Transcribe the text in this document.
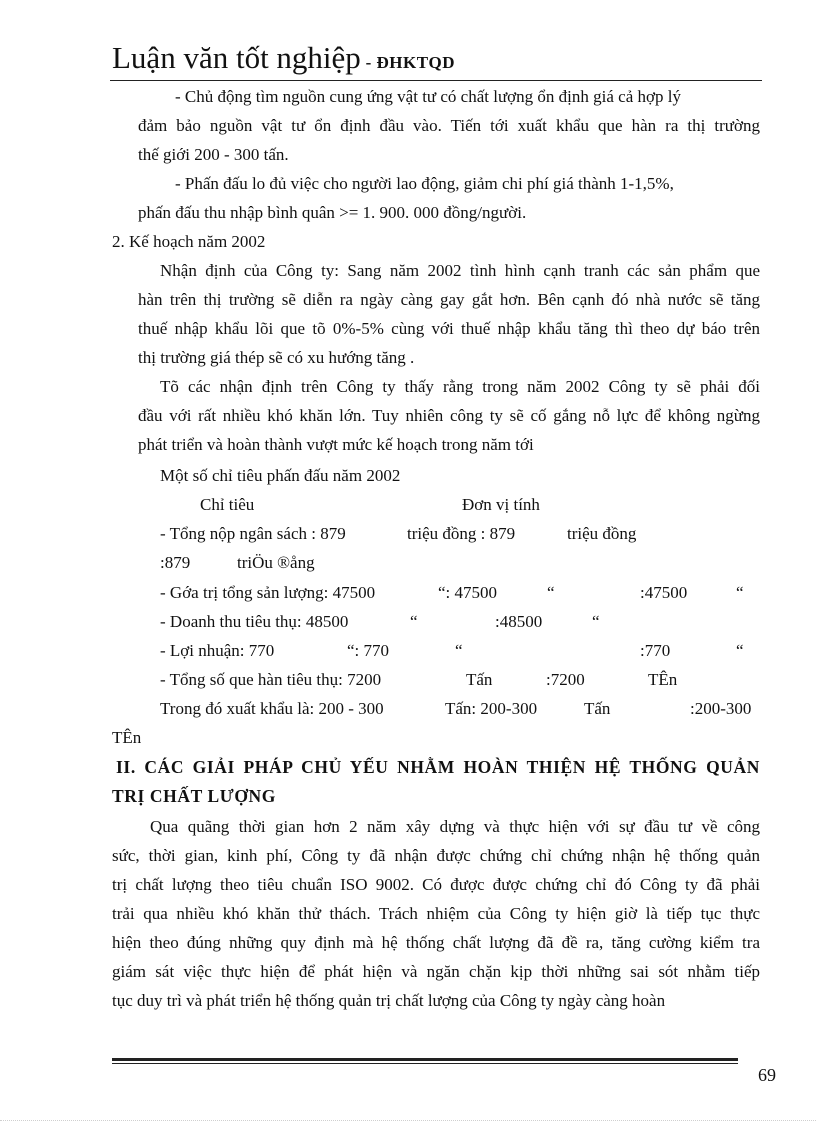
Luận văn tốt nghiệp - ĐHKTQD
- Chủ động tìm nguồn cung ứng vật tư có chất lượng ổn định giá cả hợp lý
đảm bảo nguồn vật tư ổn định đầu vào. Tiến tới xuất khẩu que hàn ra thị trường
thế giới 200 - 300 tấn.
- Phấn đấu lo đủ việc cho người lao động, giảm chi phí giá thành 1-1,5%,
phấn đấu thu nhập bình quân >= 1. 900. 000 đồng/người.
2. Kế hoạch năm 2002
Nhận định của Công ty: Sang năm 2002 tình hình cạnh tranh các sản phẩm que
hàn trên thị trường sẽ diễn ra ngày càng gay gắt hơn. Bên cạnh đó nhà nước sẽ tăng
thuế nhập khẩu lõi que tõ 0%-5% cùng với thuế nhập khẩu tăng thì theo dự báo trên
thị trường giá thép sẽ có xu hướng tăng .
Tõ các nhận định trên Công ty thấy rằng trong năm 2002 Công ty sẽ phải đối
đầu với rất nhiều khó khăn lớn. Tuy nhiên công ty sẽ cố gắng nỗ lực để không ngừng
phát triển và hoàn thành vượt mức kế hoạch trong năm tới
Một số chỉ tiêu phấn đấu năm 2002
Chỉ tiêu	Đơn vị tính
- Tổng nộp ngân sách : 879	triệu đồng : 879	triệu đồng
:879	triÖu ®ång
- Gớa trị tổng sản lượng: 47500	“: 47500	“	:47500	“
- Doanh thu tiêu thụ: 48500	“	:48500	“
- Lợi nhuận: 770	“: 770	“	:770	“
- Tổng số que hàn tiêu thụ: 7200	Tấn	:7200	TÊn
Trong đó xuất khẩu là: 200 - 300	Tấn: 200-300	Tấn	:200-300
TÊn
II. CÁC GIẢI PHÁP CHỦ YẾU NHẰM HOÀN THIỆN HỆ THỐNG QUẢN
TRỊ CHẤT LƯỢNG
Qua quãng thời gian hơn 2 năm xây dựng và thực hiện với sự đầu tư về công
sức, thời gian, kinh phí, Công ty đã nhận được chứng chỉ chứng nhận hệ thống quản
trị chất lượng theo tiêu chuẩn ISO 9002. Có được được chứng chỉ đó Công ty đã phải
trải qua nhiều khó khăn thử thách. Trách nhiệm của Công ty hiện giờ là tiếp tục thực
hiện theo đúng những quy định mà hệ thống chất lượng đã đề ra, tăng cường kiểm tra
giám sát việc thực hiện để phát hiện và ngăn chặn kịp thời những sai sót nhằm tiếp
tục duy trì và phát triển hệ thống quản trị chất lượng của Công ty ngày càng hoàn
69
